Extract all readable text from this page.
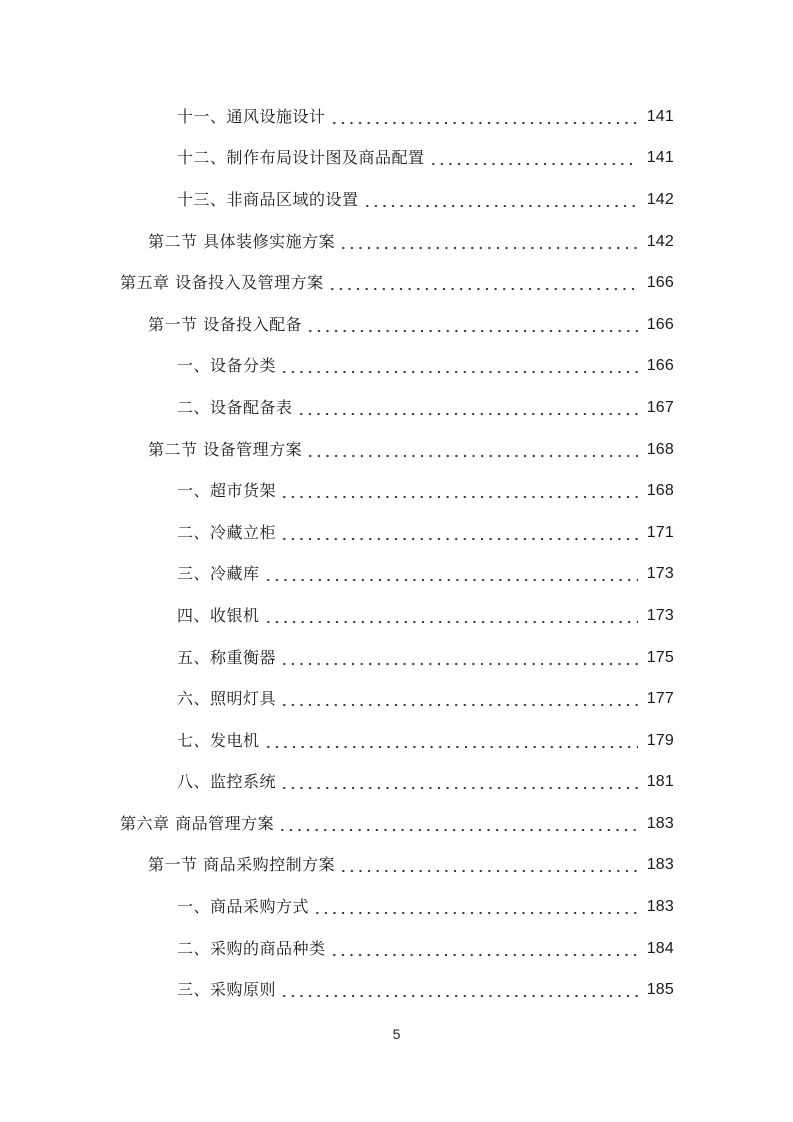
十一、通风设施设计	141
十二、制作布局设计图及商品配置	141
十三、非商品区域的设置	142
第二节 具体装修实施方案	142
第五章 设备投入及管理方案	166
第一节 设备投入配备	166
一、设备分类	166
二、设备配备表	167
第二节 设备管理方案	168
一、超市货架	168
二、冷藏立柜	171
三、冷藏库	173
四、收银机	173
五、称重衡器	175
六、照明灯具	177
七、发电机	179
八、监控系统	181
第六章 商品管理方案	183
第一节 商品采购控制方案	183
一、商品采购方式	183
二、采购的商品种类	184
三、采购原则	185
5
